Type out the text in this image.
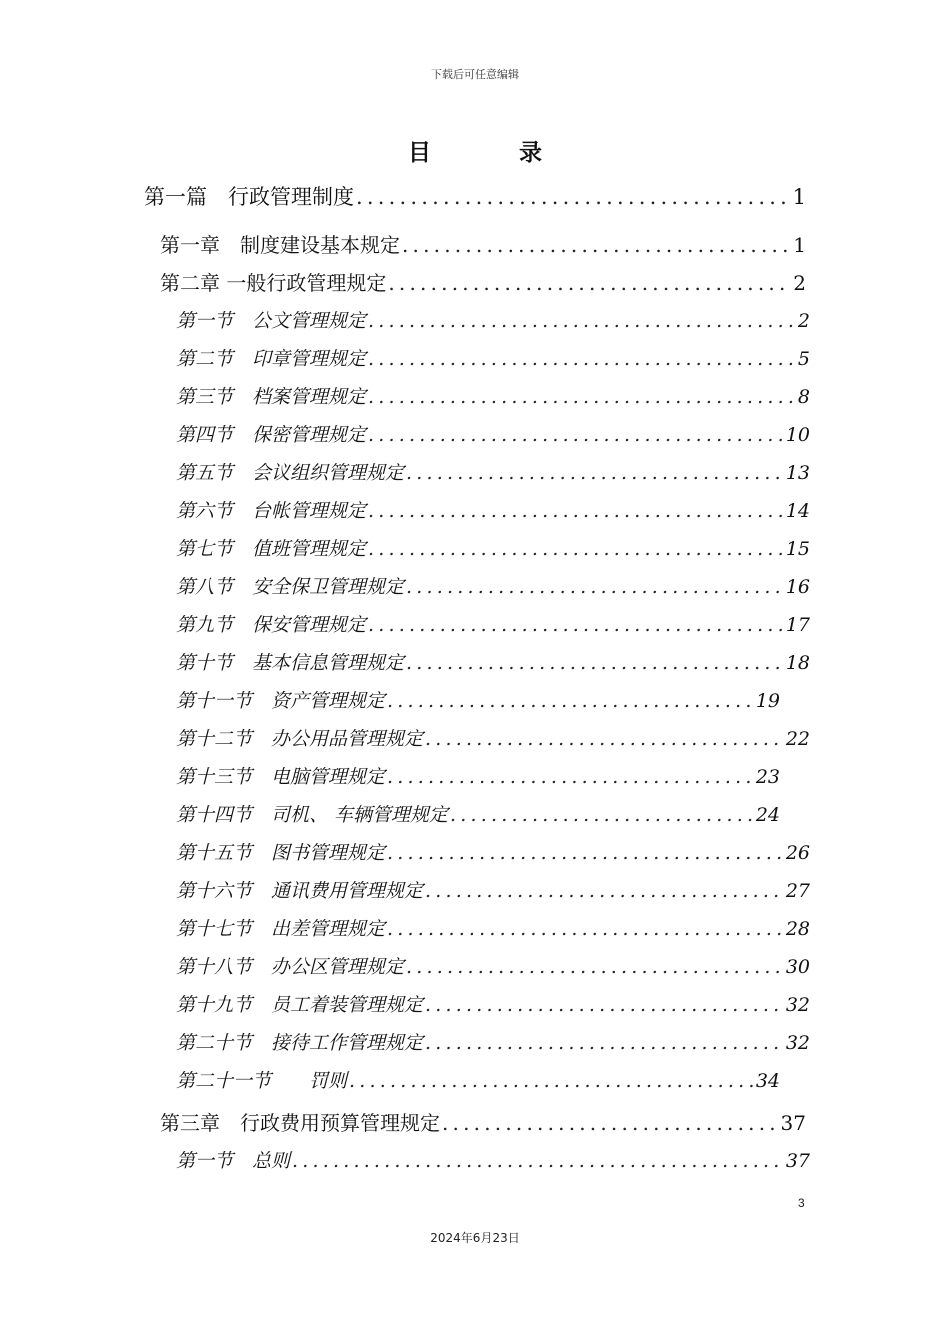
下载后可任意编辑
目 录
第一篇　行政管理制度 .....	1
第一章　制度建设基本规定 .....	1
第二章 一般行政管理规定 .....	2
第一节　公文管理规定 .....	2
第二节　印章管理规定 .....	5
第三节　档案管理规定 .....	8
第四节　保密管理规定 .....	10
第五节　会议组织管理规定 .....	13
第六节　台帐管理规定 .....	14
第七节　值班管理规定 .....	15
第八节　安全保卫管理规定 .....	16
第九节　保安管理规定 .....	17
第十节　基本信息管理规定 .....	18
第十一节　资产管理规定 .....	19
第十二节　办公用品管理规定 .....	22
第十三节　电脑管理规定 .....	23
第十四节　司机、 车辆管理规定 .....	24
第十五节　图书管理规定 .....	26
第十六节　通讯费用管理规定 .....	27
第十七节　出差管理规定 .....	28
第十八节　办公区管理规定 .....	30
第十九节　员工着装管理规定 .....	32
第二十节　接待工作管理规定 .....	32
第二十一节　　罚则 .....	34
第三章　行政费用预算管理规定 .....	37
第一节　总则 .....	37
3
2024年6月23日
